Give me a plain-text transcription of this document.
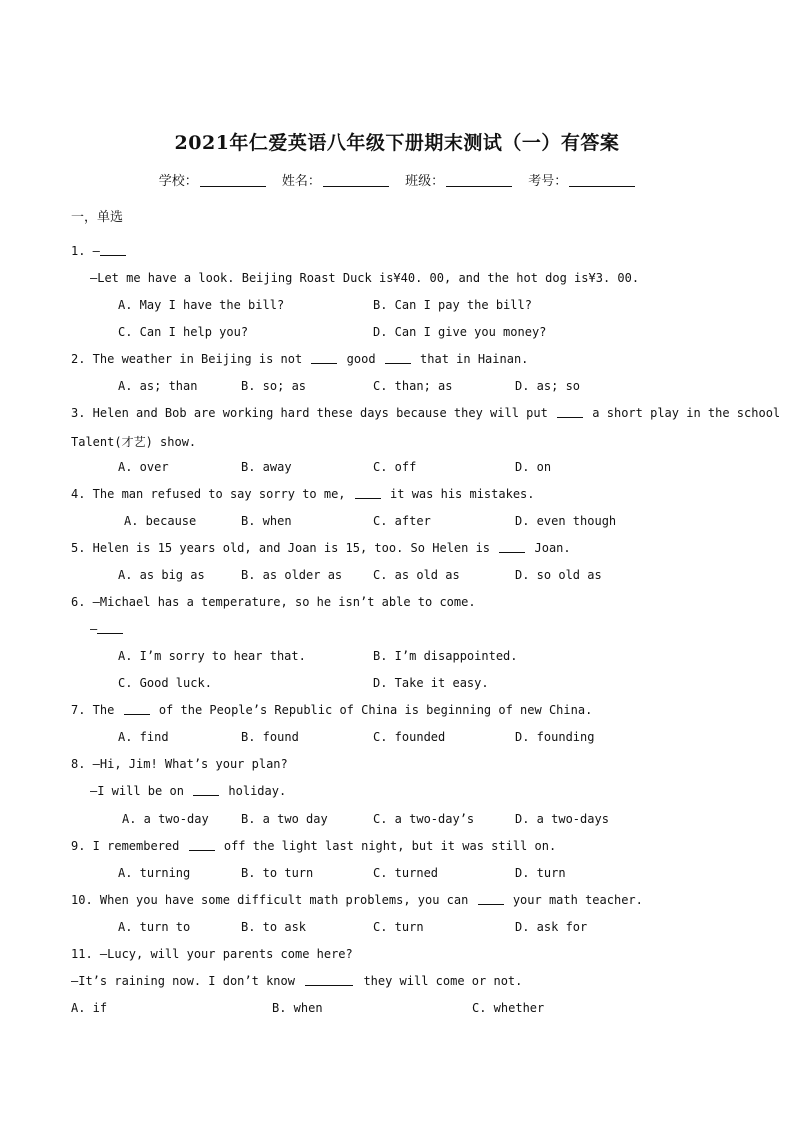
2021年仁爱英语八年级下册期末测试（一）有答案
学校：	姓名：	班级：	考号：
一，单选
1. —
—Let me have a look. Beijing Roast Duck is¥40. 00, and the hot dog is¥3. 00.
A. May I have the bill?	B. Can I pay the bill?
C. Can I help you?	D. Can I give you money?
2. The weather in Beijing is not	good	that in Hainan.
A. as; than	B. so; as	C. than; as	D. as; so
3. Helen and Bob are working hard these days because they will put	a short play in the school
Talent(才艺) show.
A. over	B. away	C. off	D. on
4. The man refused to say sorry to me,	it was his mistakes.
A. because	B. when	C. after	D. even though
5. Helen is 15 years old, and Joan is 15, too. So Helen is	Joan.
A. as big as	B. as older as	C. as old as	D. so old as
6. —Michael has a temperature, so he isn’t able to come.
—
A. I’m sorry to hear that.	B. I’m disappointed.
C. Good luck.	D. Take it easy.
7. The	of the People’s Republic of China is beginning of new China.
A. find	B. found	C. founded	D. founding
8. —Hi, Jim! What’s your plan?
—I will be on	holiday.
A. a two-day	B. a two day	C. a two-day’s	D. a two-days
9. I remembered	off the light last night, but it was still on.
A. turning	B. to turn	C. turned	D. turn
10. When you have some difficult math problems, you can	your math teacher.
A. turn to	B. to ask	C. turn	D. ask for
11. —Lucy, will your parents come here?
—It’s raining now. I don’t know	they will come or not.
A. if	B. when	C. whether
